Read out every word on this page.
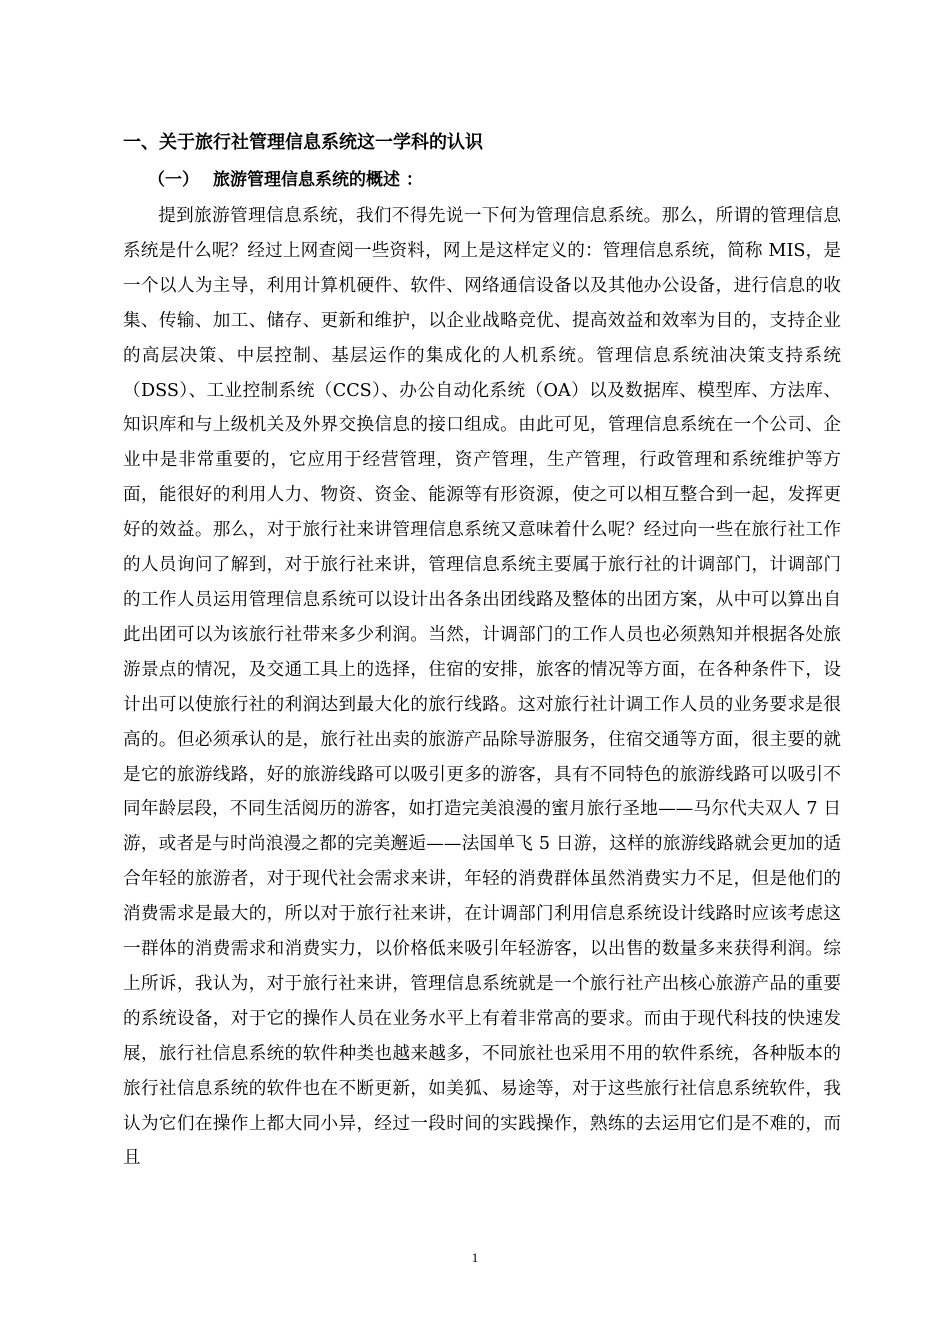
一、关于旅行社管理信息系统这一学科的认识
（一） 旅游管理信息系统的概述 ：

提到旅游管理信息系统，我们不得先说一下何为管理信息系统。那么，所谓的管理信息系统是什么呢？经过上网查阅一些资料，网上是这样定义的：管理信息系统，简称 MIS，是一个以人为主导，利用计算机硬件、软件、网络通信设备以及其他办公设备，进行信息的收集、传输、加工、储存、更新和维护，以企业战略竞优、提高效益和效率为目的，支持企业的高层决策、中层控制、基层运作的集成化的人机系统。管理信息系统油决策支持系统（DSS）、工业控制系统（CCS）、办公自动化系统（OA）以及数据库、模型库、方法库、知识库和与上级机关及外界交换信息的接口组成。由此可见，管理信息系统在一个公司、企业中是非常重要的，它应用于经营管理，资产管理，生产管理，行政管理和系统维护等方面，能很好的利用人力、物资、资金、能源等有形资源，使之可以相互整合到一起，发挥更好的效益。那么，对于旅行社来讲管理信息系统又意味着什么呢？经过向一些在旅行社工作的人员询问了解到，对于旅行社来讲，管理信息系统主要属于旅行社的计调部门，计调部门的工作人员运用管理信息系统可以设计出各条出团线路及整体的出团方案，从中可以算出自此出团可以为该旅行社带来多少利润。当然，计调部门的工作人员也必须熟知并根据各处旅游景点的情况，及交通工具上的选择，住宿的安排，旅客的情况等方面，在各种条件下，设计出可以使旅行社的利润达到最大化的旅行线路。这对旅行社计调工作人员的业务要求是很高的。但必须承认的是，旅行社出卖的旅游产品除导游服务，住宿交通等方面，很主要的就是它的旅游线路，好的旅游线路可以吸引更多的游客，具有不同特色的旅游线路可以吸引不同年龄层段，不同生活阅历的游客，如打造完美浪漫的蜜月旅行圣地——马尔代夫双人 7 日游，或者是与时尚浪漫之都的完美邂逅——法国单飞 5 日游，这样的旅游线路就会更加的适合年轻的旅游者，对于现代社会需求来讲，年轻的消费群体虽然消费实力不足，但是他们的消费需求是最大的，所以对于旅行社来讲，在计调部门利用信息系统设计线路时应该考虑这一群体的消费需求和消费实力，以价格低来吸引年轻游客，以出售的数量多来获得利润。综上所诉，我认为，对于旅行社来讲，管理信息系统就是一个旅行社产出核心旅游产品的重要的系统设备，对于它的操作人员在业务水平上有着非常高的要求。而由于现代科技的快速发展，旅行社信息系统的软件种类也越来越多，不同旅社也采用不用的软件系统，各种版本的旅行社信息系统的软件也在不断更新，如美狐、易途等，对于这些旅行社信息系统软件，我认为它们在操作上都大同小异，经过一段时间的实践操作，熟练的去运用它们是不难的，而且

1
